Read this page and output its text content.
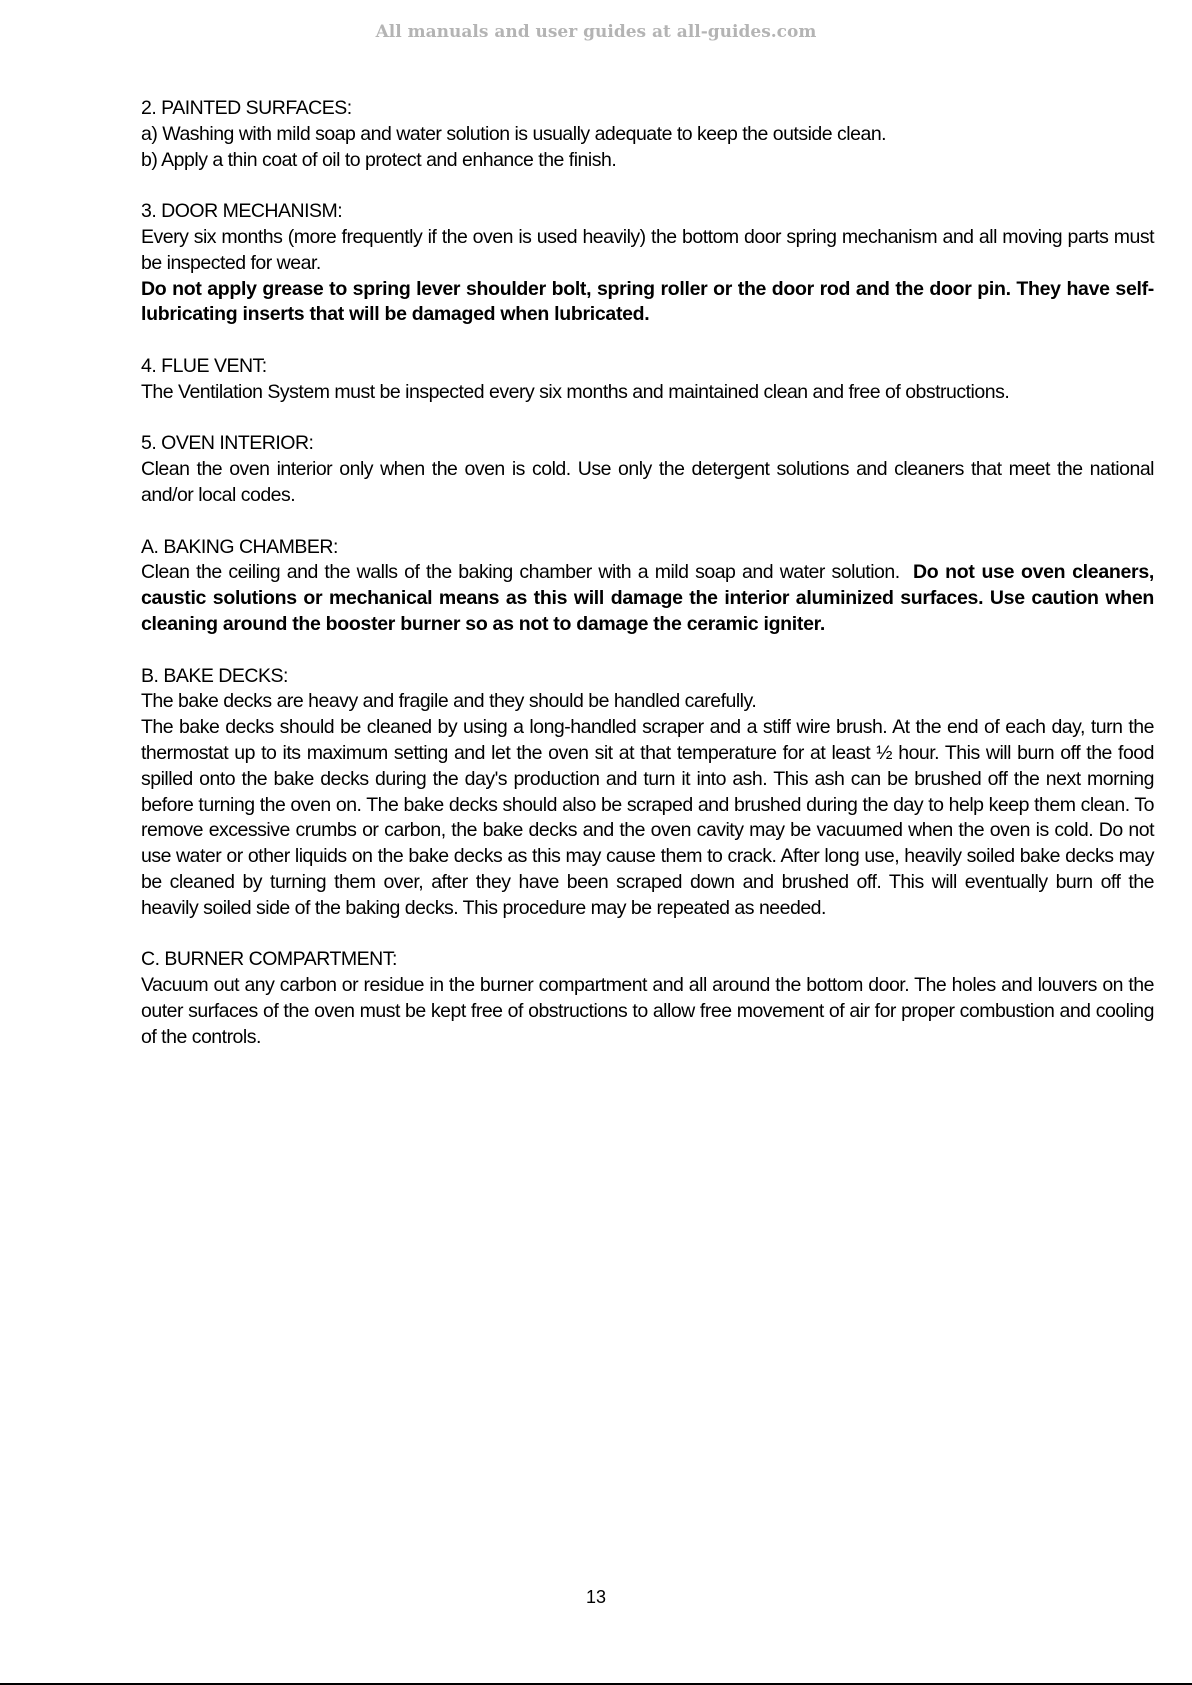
All manuals and user guides at all-guides.com
2. PAINTED SURFACES:

a) Washing with mild soap and water solution is usually adequate to keep the outside clean.

b) Apply a thin coat of oil to protect and enhance the finish.

3. DOOR MECHANISM:

Every six months (more frequently if the oven is used heavily) the bottom door spring mechanism and all moving parts must be inspected for wear.

Do not apply grease to spring lever shoulder bolt, spring roller or the door rod and the door pin. They have self-lubricating inserts that will be damaged when lubricated.

4. FLUE VENT:

The Ventilation System must be inspected every six months and maintained clean and free of obstructions.

5. OVEN INTERIOR:

Clean the oven interior only when the oven is cold. Use only the detergent solutions and cleaners that meet the national and/or local codes.

A. BAKING CHAMBER:

Clean the ceiling and the walls of the baking chamber with a mild soap and water solution. Do not use oven cleaners, caustic solutions or mechanical means as this will damage the interior aluminized surfaces. Use caution when cleaning around the booster burner so as not to damage the ceramic igniter.

B. BAKE DECKS:

The bake decks are heavy and fragile and they should be handled carefully.

The bake decks should be cleaned by using a long-handled scraper and a stiff wire brush. At the end of each day, turn the thermostat up to its maximum setting and let the oven sit at that temperature for at least ½ hour. This will burn off the food spilled onto the bake decks during the day's production and turn it into ash. This ash can be brushed off the next morning before turning the oven on. The bake decks should also be scraped and brushed during the day to help keep them clean. To remove excessive crumbs or carbon, the bake decks and the oven cavity may be vacuumed when the oven is cold. Do not use water or other liquids on the bake decks as this may cause them to crack. After long use, heavily soiled bake decks may be cleaned by turning them over, after they have been scraped down and brushed off. This will eventually burn off the heavily soiled side of the baking decks. This procedure may be repeated as needed.

C. BURNER COMPARTMENT:

Vacuum out any carbon or residue in the burner compartment and all around the bottom door. The holes and louvers on the outer surfaces of the oven must be kept free of obstructions to allow free movement of air for proper combustion and cooling of the controls.

13
